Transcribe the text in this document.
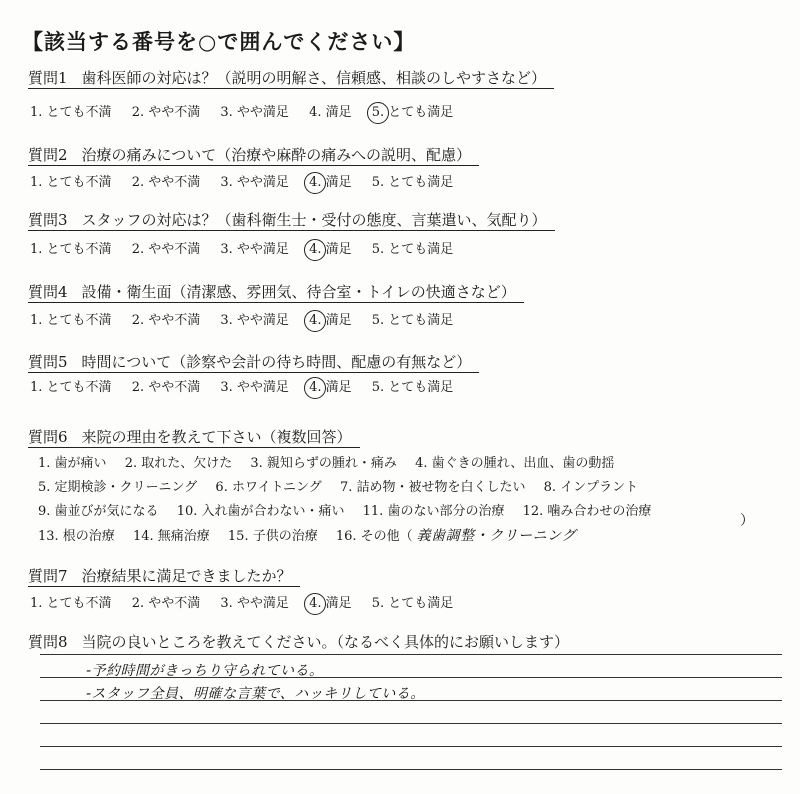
【該当する番号を○で囲んでください】
質問1 歯科医師の対応は？（説明の明解さ、信頼感、相談のしやすさなど）
1. とても不満 2. やや不満 3. やや満足 4. 満足 5. とても満足
質問2 治療の痛みについて（治療や麻酔の痛みへの説明、配慮）
1. とても不満 2. やや不満 3. やや満足 4. 満足 5. とても満足
質問3 スタッフの対応は？（歯科衛生士・受付の態度、言葉遣い、気配り）
1. とても不満 2. やや不満 3. やや満足 4. 満足 5. とても満足
質問4 設備・衛生面（清潔感、雰囲気、待合室・トイレの快適さなど）
1. とても不満 2. やや不満 3. やや満足 4. 満足 5. とても満足
質問5 時間について（診察や会計の待ち時間、配慮の有無など）
1. とても不満 2. やや不満 3. やや満足 4. 満足 5. とても満足
質問6 来院の理由を教えて下さい（複数回答）
1. 歯が痛い 2. 取れた、欠けた 3. 親知らずの腫れ・痛み 4. 歯ぐきの腫れ、出血、歯の動揺
5. 定期検診・クリーニング 6. ホワイトニング 7. 詰め物・被せ物を白くしたい 8. インプラント
9. 歯並びが気になる 10. 入れ歯が合わない・痛い 11. 歯のない部分の治療 12. 噛み合わせの治療
13. 根の治療 14. 無痛治療 15. 子供の治療 16. その他（ 義歯調整・クリーニング
）
質問7 治療結果に満足できましたか？
1. とても不満 2. やや不満 3. やや満足 4. 満足 5. とても満足
質問8 当院の良いところを教えてください。（なるべく具体的にお願いします）
-予約時間がきっちり守られている。
-スタッフ全員、明確な言葉で、ハッキリしている。
